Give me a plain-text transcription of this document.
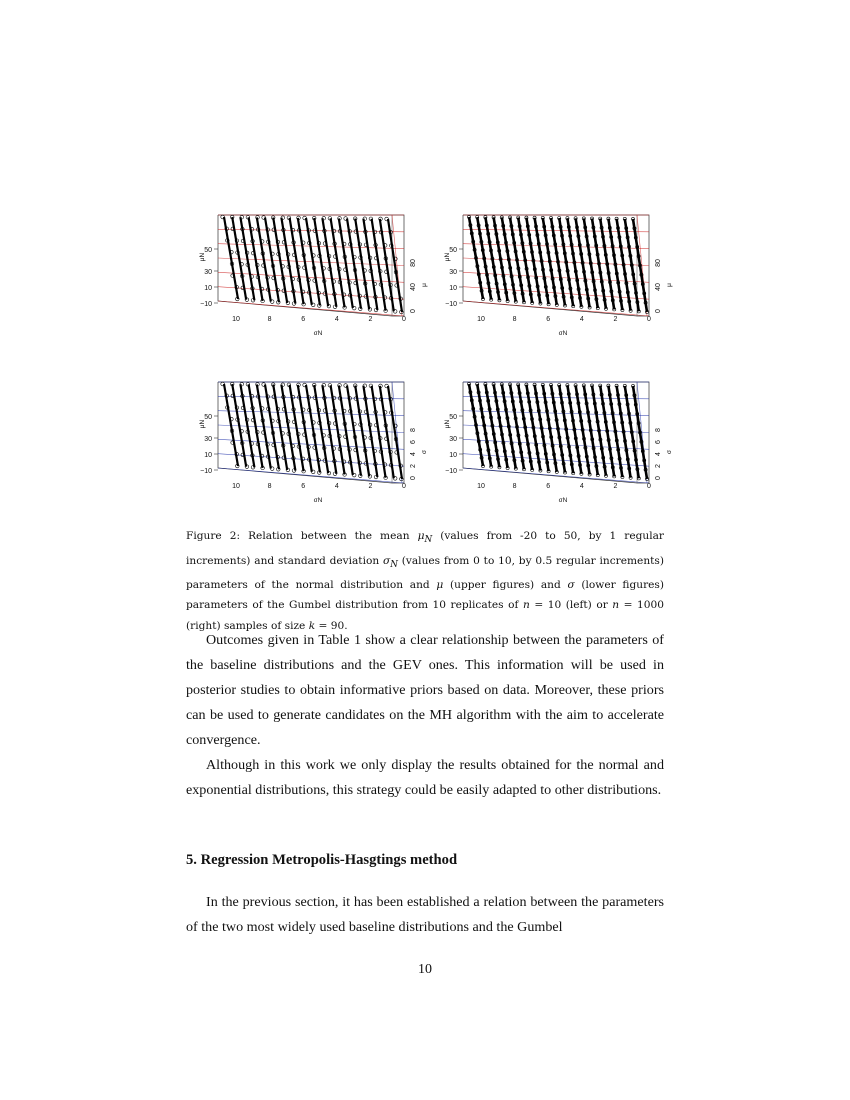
50
30
10
−10
μN
10	8	6	4	2	0
σN
0
40
80
μ
50
30
10
−10
μN
10	8	6	4	2	0
σN
0
40
80
μ
50
30
10
−10
μN
10	8	6	4	2	0
σN
0
2
4
6
8
σ
50
30
10
−10
μN
10	8	6	4	2	0
σN
0
2
4
6
8
σ
Figure 2: Relation between the mean $\mu_N$ (values from -20 to 50, by 1 regular increments) and standard deviation $\sigma_N$ (values from 0 to 10, by 0.5 regular increments) parameters of the normal distribution and μ (upper figures) and σ (lower figures) parameters of the Gumbel distribution from 10 replicates of n = 10 (left) or n = 1000 (right) samples of size k = 90.

Outcomes given in Table 1 show a clear relationship between the parameters of the baseline distributions and the GEV ones. This information will be used in posterior studies to obtain informative priors based on data. Moreover, these priors can be used to generate candidates on the MH algorithm with the aim to accelerate convergence.

Although in this work we only display the results obtained for the normal and exponential distributions, this strategy could be easily adapted to other distributions.

5. Regression Metropolis-Hasgtings method

In the previous section, it has been established a relation between the parameters of the two most widely used baseline distributions and the Gumbel

10
